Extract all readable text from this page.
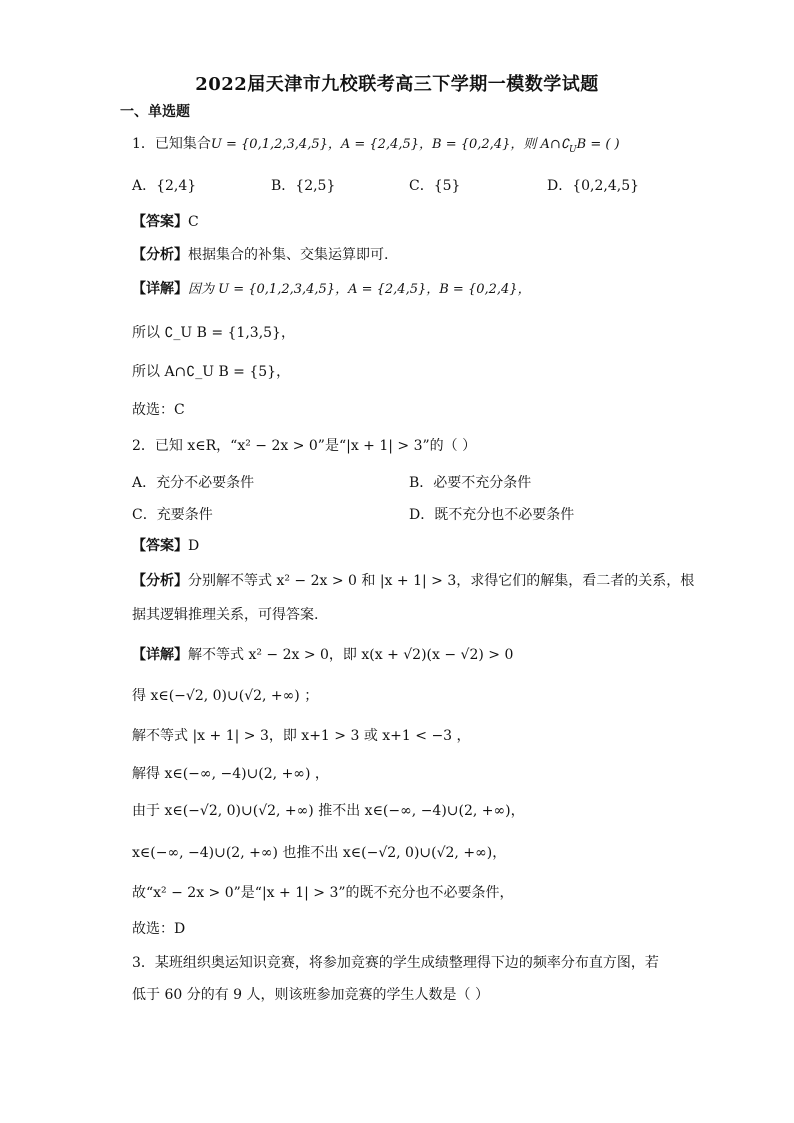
2022届天津市九校联考高三下学期一模数学试题
一、单选题
1．已知集合U = {0,1,2,3,4,5}，A = {2,4,5}，B = {0,2,4}，则 $A\cap∁_UB$ = ( )
A．{2,4}	B．{2,5}	C．{5}	D．{0,2,4,5}
【答案】C
【分析】根据集合的补集、交集运算即可.
【详解】因为 U = {0,1,2,3,4,5}，A = {2,4,5}，B = {0,2,4}，
所以 ∁_U B = {1,3,5}，
所以 A∩∁_U B = {5}，
故选：C
2．已知 x∈R，“x² − 2x > 0”是“|x + 1| > 3”的（ ）
A．充分不必要条件	B．必要不充分条件
C．充要条件	D．既不充分也不必要条件
【答案】D
【分析】分别解不等式 x² − 2x > 0 和 |x + 1| > 3，求得它们的解集，看二者的关系，根
据其逻辑推理关系，可得答案.
【详解】解不等式 x² − 2x > 0，即 x(x + √2)(x − √2) > 0
得 x∈(−√2, 0)∪(√2, +∞) ；
解不等式 |x + 1| > 3，即 x+1 > 3 或 x+1 < −3 ，
解得 x∈(−∞, −4)∪(2, +∞) ，
由于 x∈(−√2, 0)∪(√2, +∞) 推不出 x∈(−∞, −4)∪(2, +∞)，
x∈(−∞, −4)∪(2, +∞) 也推不出 x∈(−√2, 0)∪(√2, +∞)，
故“x² − 2x > 0”是“|x + 1| > 3”的既不充分也不必要条件，
故选：D
3．某班组织奥运知识竞赛，将参加竞赛的学生成绩整理得下边的频率分布直方图，若
低于 60 分的有 9 人，则该班参加竞赛的学生人数是（ ）
